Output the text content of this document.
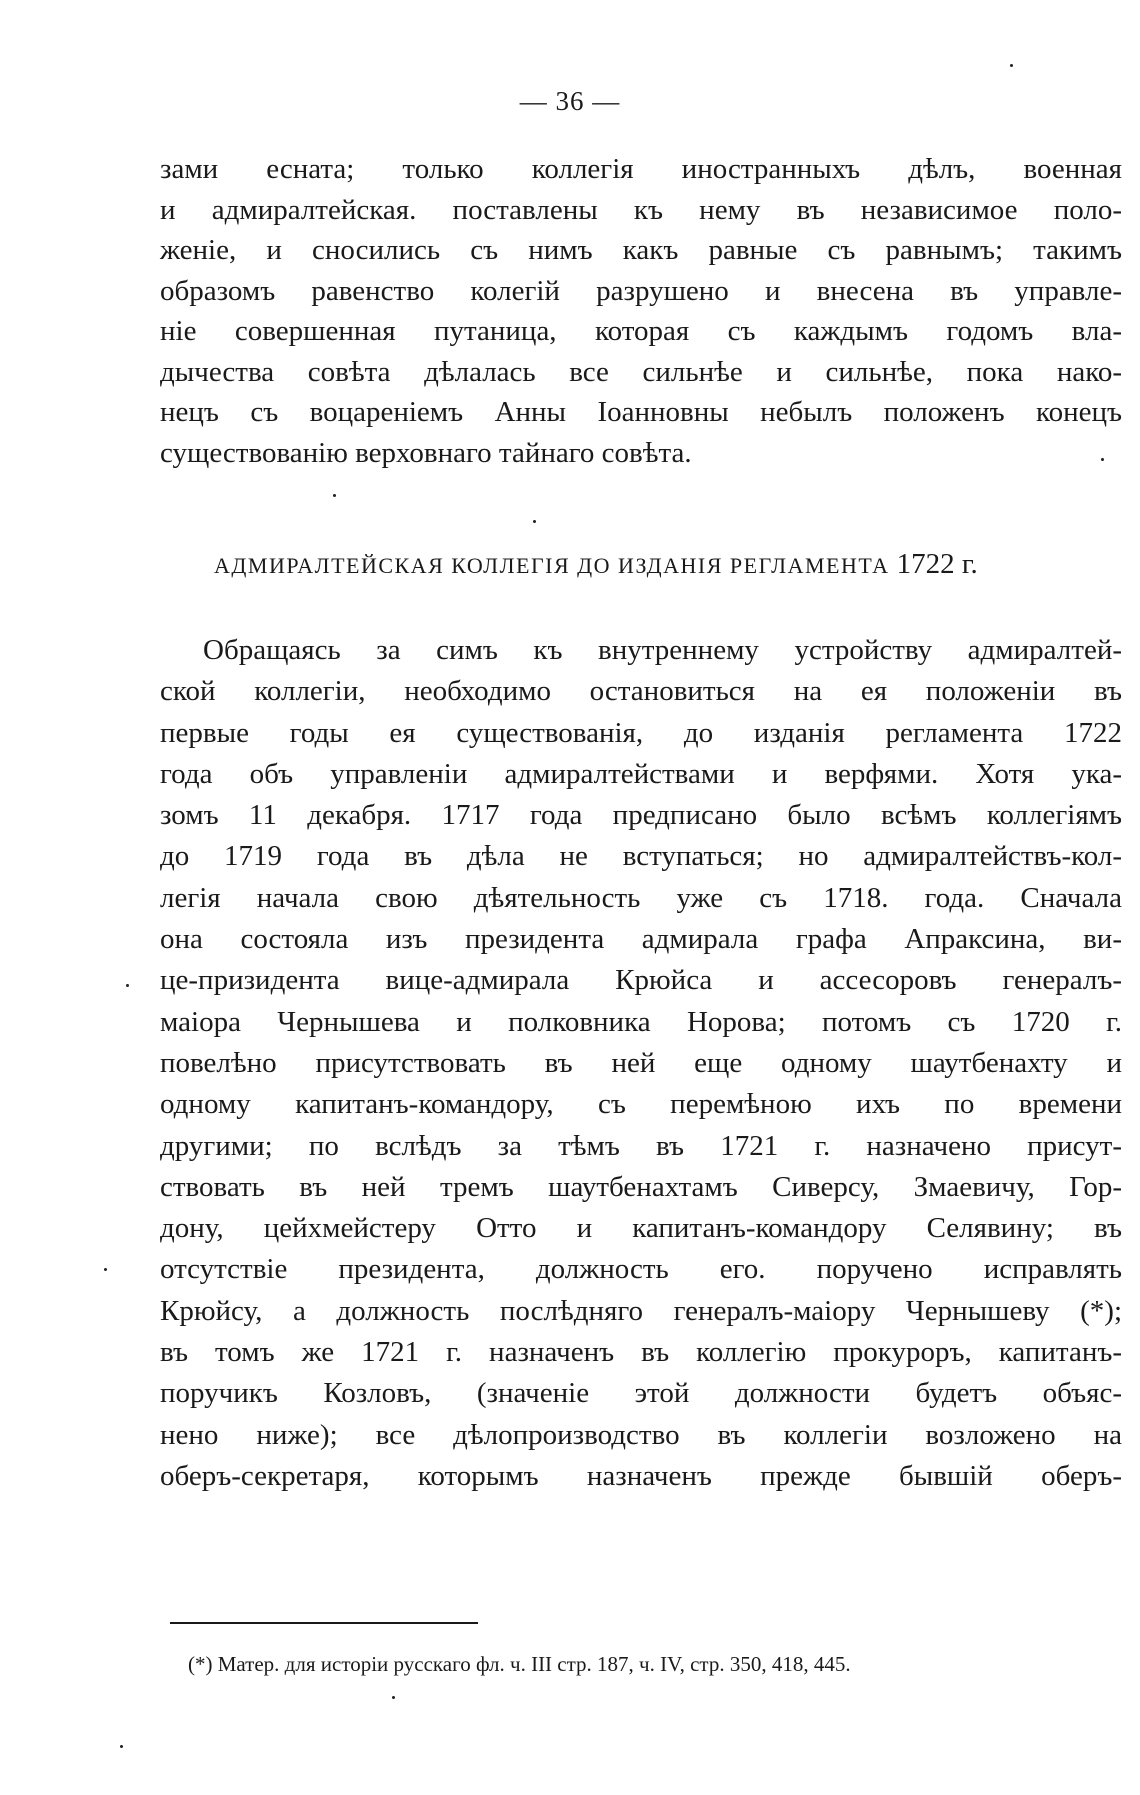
— 36 —
зами есната; только коллегія иностранныхъ дѣлъ, военная
и адмиралтейская. поставлены къ нему въ независимое поло-
женіе, и сносились съ нимъ какъ равные съ равнымъ; такимъ
образомъ равенство колегій разрушено и внесена въ управле-
ніе совершенная путаница, которая съ каждымъ годомъ вла-
дычества совѣта дѣлалась все сильнѣе и сильнѣе, пока нако-
нецъ съ воцареніемъ Анны Іоанновны небылъ положенъ конецъ
существованію верховнаго тайнаго совѣта.
АДМИРАЛТЕЙСКАЯ КОЛЛЕГІЯ ДО ИЗДАНІЯ РЕГЛАМЕНТА 1722 г.
Обращаясь за симъ къ внутреннему устройству адмиралтей-
ской коллегіи, необходимо остановиться на ея положеніи въ
первые годы ея существованія, до изданія регламента 1722
года объ управленіи адмиралтействами и верфями. Хотя ука-
зомъ 11 декабря. 1717 года предписано было всѣмъ коллегіямъ
до 1719 года въ дѣла не вступаться; но адмиралтействъ-кол-
легія начала свою дѣятельность уже съ 1718. года. Сначала
она состояла изъ президента адмирала графа Апраксина, ви-
це-призидента вице-адмирала Крюйса и ассесоровъ генералъ-
маіора Чернышева и полковника Норова; потомъ съ 1720 г.
повелѣно присутствовать въ ней еще одному шаутбенахту и
одному капитанъ-командору, съ перемѣною ихъ по времени
другими; по вслѣдъ за тѣмъ въ 1721 г. назначено присут-
ствовать въ ней тремъ шаутбенахтамъ Сиверсу, Змаевичу, Гор-
дону, цейхмейстеру Отто и капитанъ-командору Селявину; въ
отсутствіе президента, должность его. поручено исправлять
Крюйсу, а должность послѣдняго генералъ-маіору Чернышеву (*);
въ томъ же 1721 г. назначенъ въ коллегію прокуроръ, капитанъ-
поручикъ Козловъ, (значеніе этой должности будетъ объяс-
нено ниже); все дѣлопроизводство въ коллегіи возложено на
оберъ-секретаря, которымъ назначенъ прежде бывшій оберъ-
(*) Матер. для исторіи русскаго фл. ч. III стр. 187, ч. IV, стр. 350, 418, 445.
